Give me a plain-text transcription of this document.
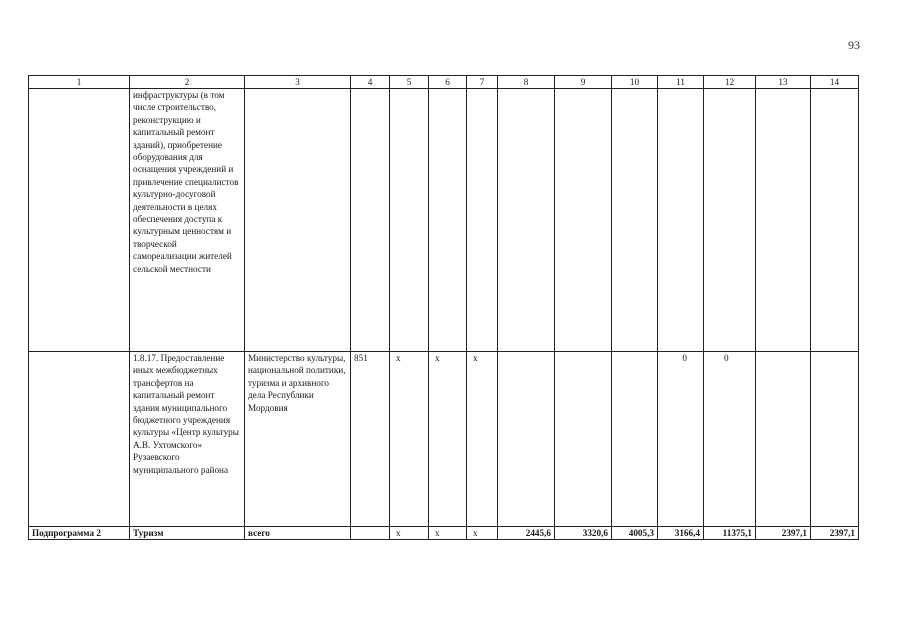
93
1	2	3	4	5	6	7	8	9	10	11	12	13	14
	инфраструктуры (в том числе строительство, реконструкцию и капитальный ремонт зданий), приобретение оборудования для оснащения учреждений и привлечение специалистов культурно-досуговой деятельности в целях обеспечения доступа к культурным ценностям и творческой самореализации жителей сельской местности												
	1.8.17. Предоставление иных межбюджетных трансфертов на капитальный ремонт здания муниципального бюджетного учреждения культуры «Центр культуры А.В. Ухтомского» Рузаевского муниципального района	Министерство культуры, национальной политики, туризма и архивного дела Республики Мордовия	851	х	х	х				0	0		
Подпрограмма 2	Туризм	всего		х	х	х	2445,6	3320,6	4005,3	3166,4	11375,1	2397,1	2397,1
